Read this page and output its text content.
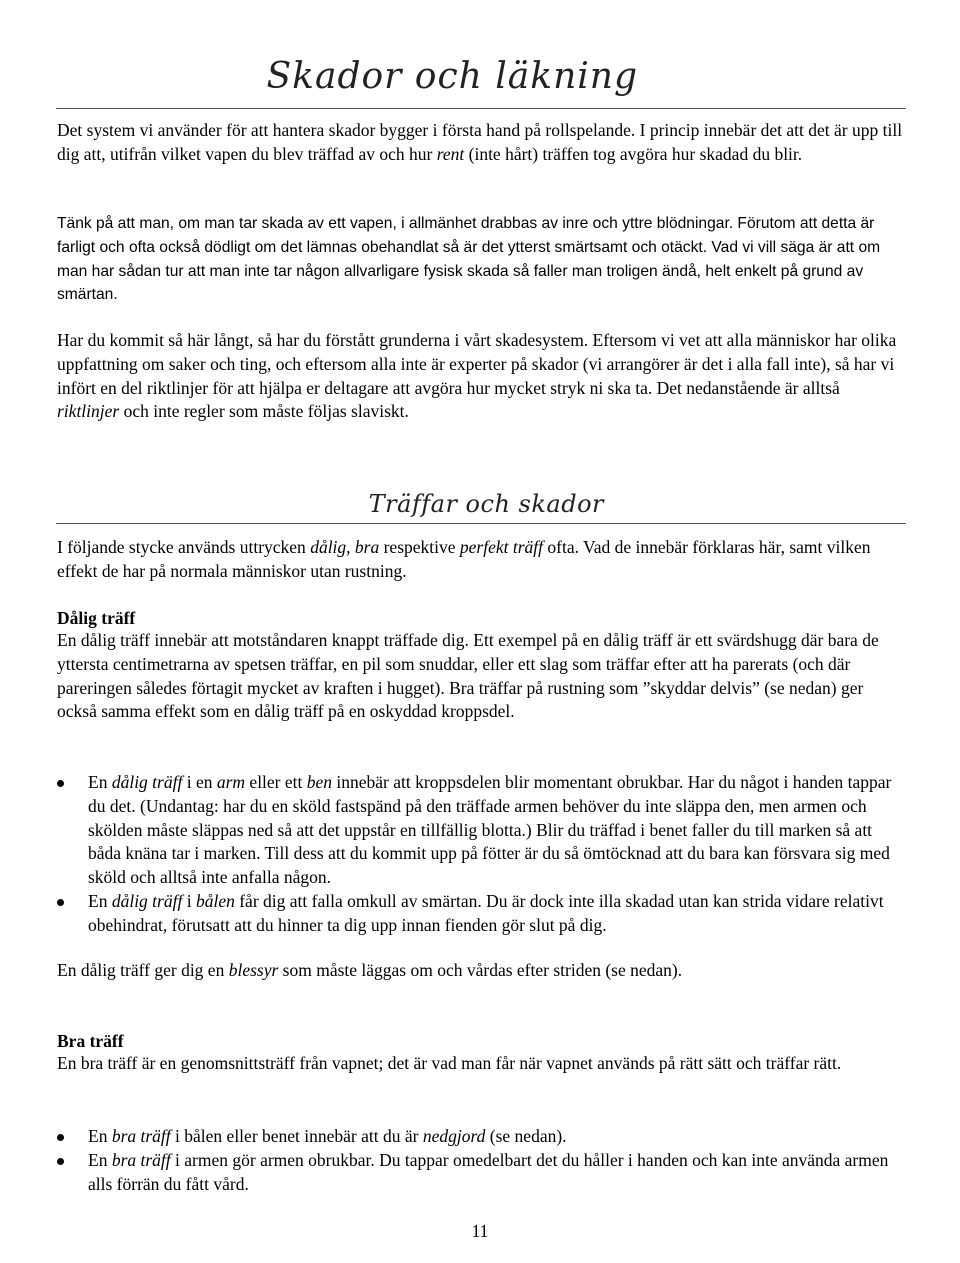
Skador och läkning

Det system vi använder för att hantera skador bygger i första hand på rollspelande. I princip innebär det att det är upp till dig att, utifrån vilket vapen du blev träffad av och hur rent (inte hårt) träffen tog avgöra hur skadad du blir.

Tänk på att man, om man tar skada av ett vapen, i allmänhet drabbas av inre och yttre blödningar. Förutom att detta är farligt och ofta också dödligt om det lämnas obehandlat så är det ytterst smärtsamt och otäckt. Vad vi vill säga är att om man har sådan tur att man inte tar någon allvarligare fysisk skada så faller man troligen ändå, helt enkelt på grund av smärtan.

Har du kommit så här långt, så har du förstått grunderna i vårt skadesystem. Eftersom vi vet att alla människor har olika uppfattning om saker och ting, och eftersom alla inte är experter på skador (vi arrangörer är det i alla fall inte), så har vi infört en del riktlinjer för att hjälpa er deltagare att avgöra hur mycket stryk ni ska ta. Det nedanstående är alltså riktlinjer och inte regler som måste följas slaviskt.

Träffar och skador

I följande stycke används uttrycken dålig, bra respektive perfekt träff ofta. Vad de innebär förklaras här, samt vilken effekt de har på normala människor utan rustning.

Dålig träff

En dålig träff innebär att motståndaren knappt träffade dig. Ett exempel på en dålig träff är ett svärdshugg där bara de yttersta centimetrarna av spetsen träffar, en pil som snuddar, eller ett slag som träffar efter att ha parerats (och där pareringen således förtagit mycket av kraften i hugget). Bra träffar på rustning som ”skyddar delvis” (se nedan) ger också samma effekt som en dålig träff på en oskyddad kroppsdel.

En dålig träff i en arm eller ett ben innebär att kroppsdelen blir momentant obrukbar. Har du något i handen tappar du det. (Undantag: har du en sköld fastspänd på den träffade armen behöver du inte släppa den, men armen och skölden måste släppas ned så att det uppstår en tillfällig blotta.) Blir du träffad i benet faller du till marken så att båda knäna tar i marken. Till dess att du kommit upp på fötter är du så ömtöcknad att du bara kan försvara sig med sköld och alltså inte anfalla någon.
En dålig träff i bålen får dig att falla omkull av smärtan. Du är dock inte illa skadad utan kan strida vidare relativt obehindrat, förutsatt att du hinner ta dig upp innan fienden gör slut på dig.

En dålig träff ger dig en blessyr som måste läggas om och vårdas efter striden (se nedan).

Bra träff

En bra träff är en genomsnittsträff från vapnet; det är vad man får när vapnet används på rätt sätt och träffar rätt.

En bra träff i bålen eller benet innebär att du är nedgjord (se nedan).
En bra träff i armen gör armen obrukbar. Du tappar omedelbart det du håller i handen och kan inte använda armen alls förrän du fått vård.
11
